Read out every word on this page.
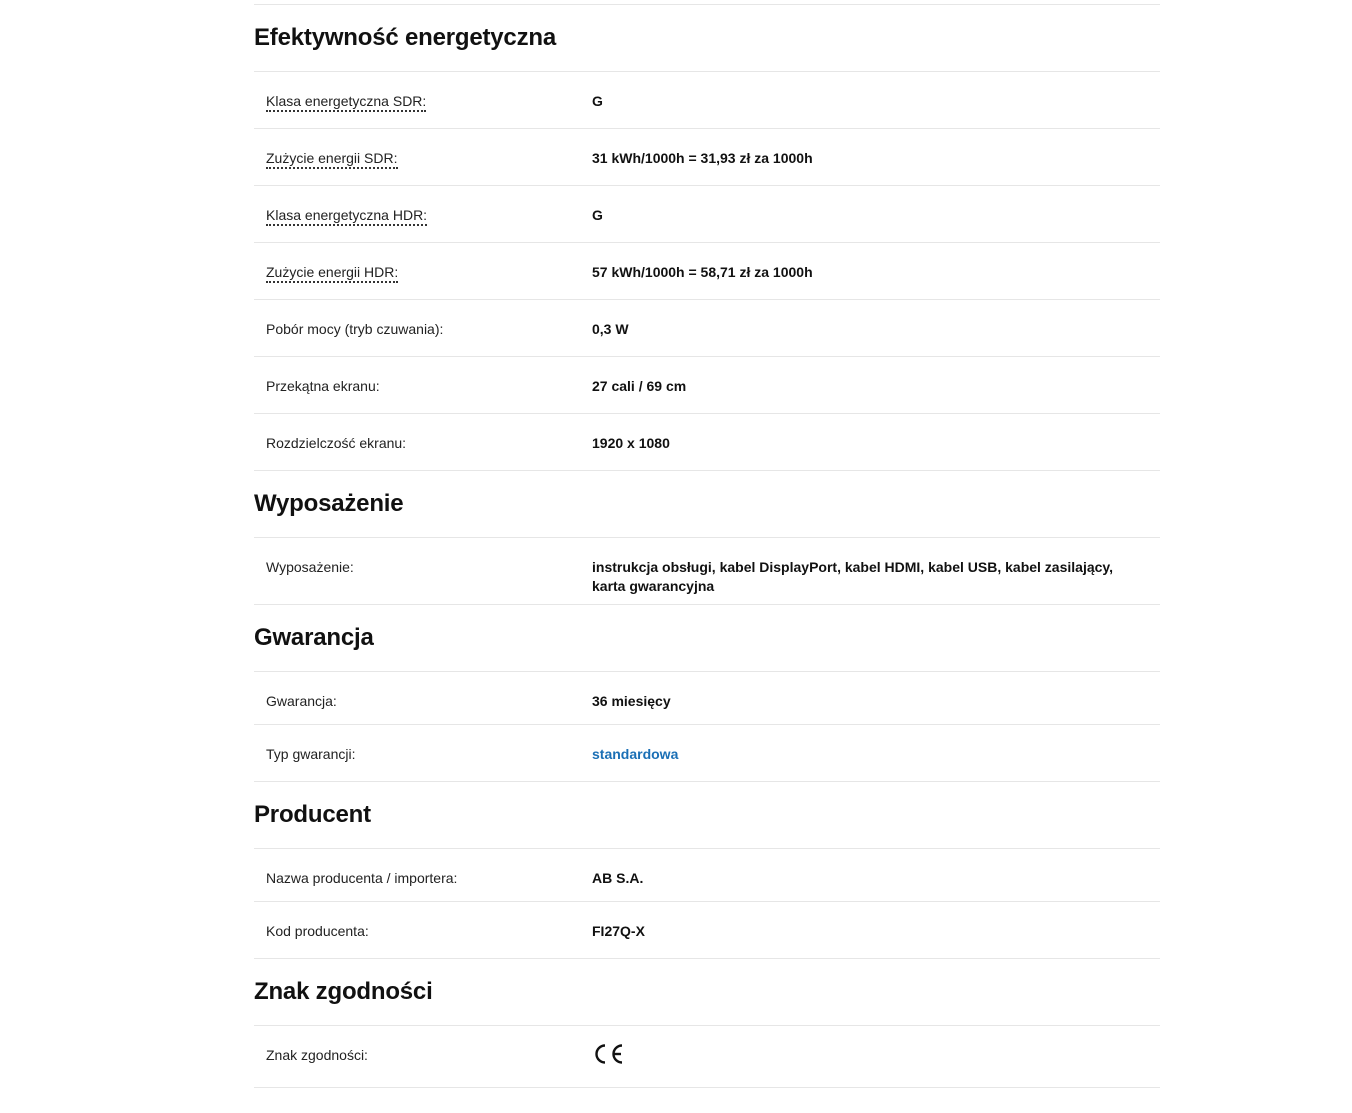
Efektywność energetyczna
Klasa energetyczna SDR:	G
Zużycie energii SDR:	31 kWh/1000h = 31,93 zł za 1000h
Klasa energetyczna HDR:	G
Zużycie energii HDR:	57 kWh/1000h = 58,71 zł za 1000h
Pobór mocy (tryb czuwania):	0,3 W
Przekątna ekranu:	27 cali / 69 cm
Rozdzielczość ekranu:	1920 x 1080
Wyposażenie
Wyposażenie:	instrukcja obsługi, kabel DisplayPort, kabel HDMI, kabel USB, kabel zasilający, karta gwarancyjna
Gwarancja
Gwarancja:	36 miesięcy
Typ gwarancji:	standardowa
Producent
Nazwa producenta / importera:	AB S.A.
Kod producenta:	FI27Q-X
Znak zgodności
Znak zgodności:
